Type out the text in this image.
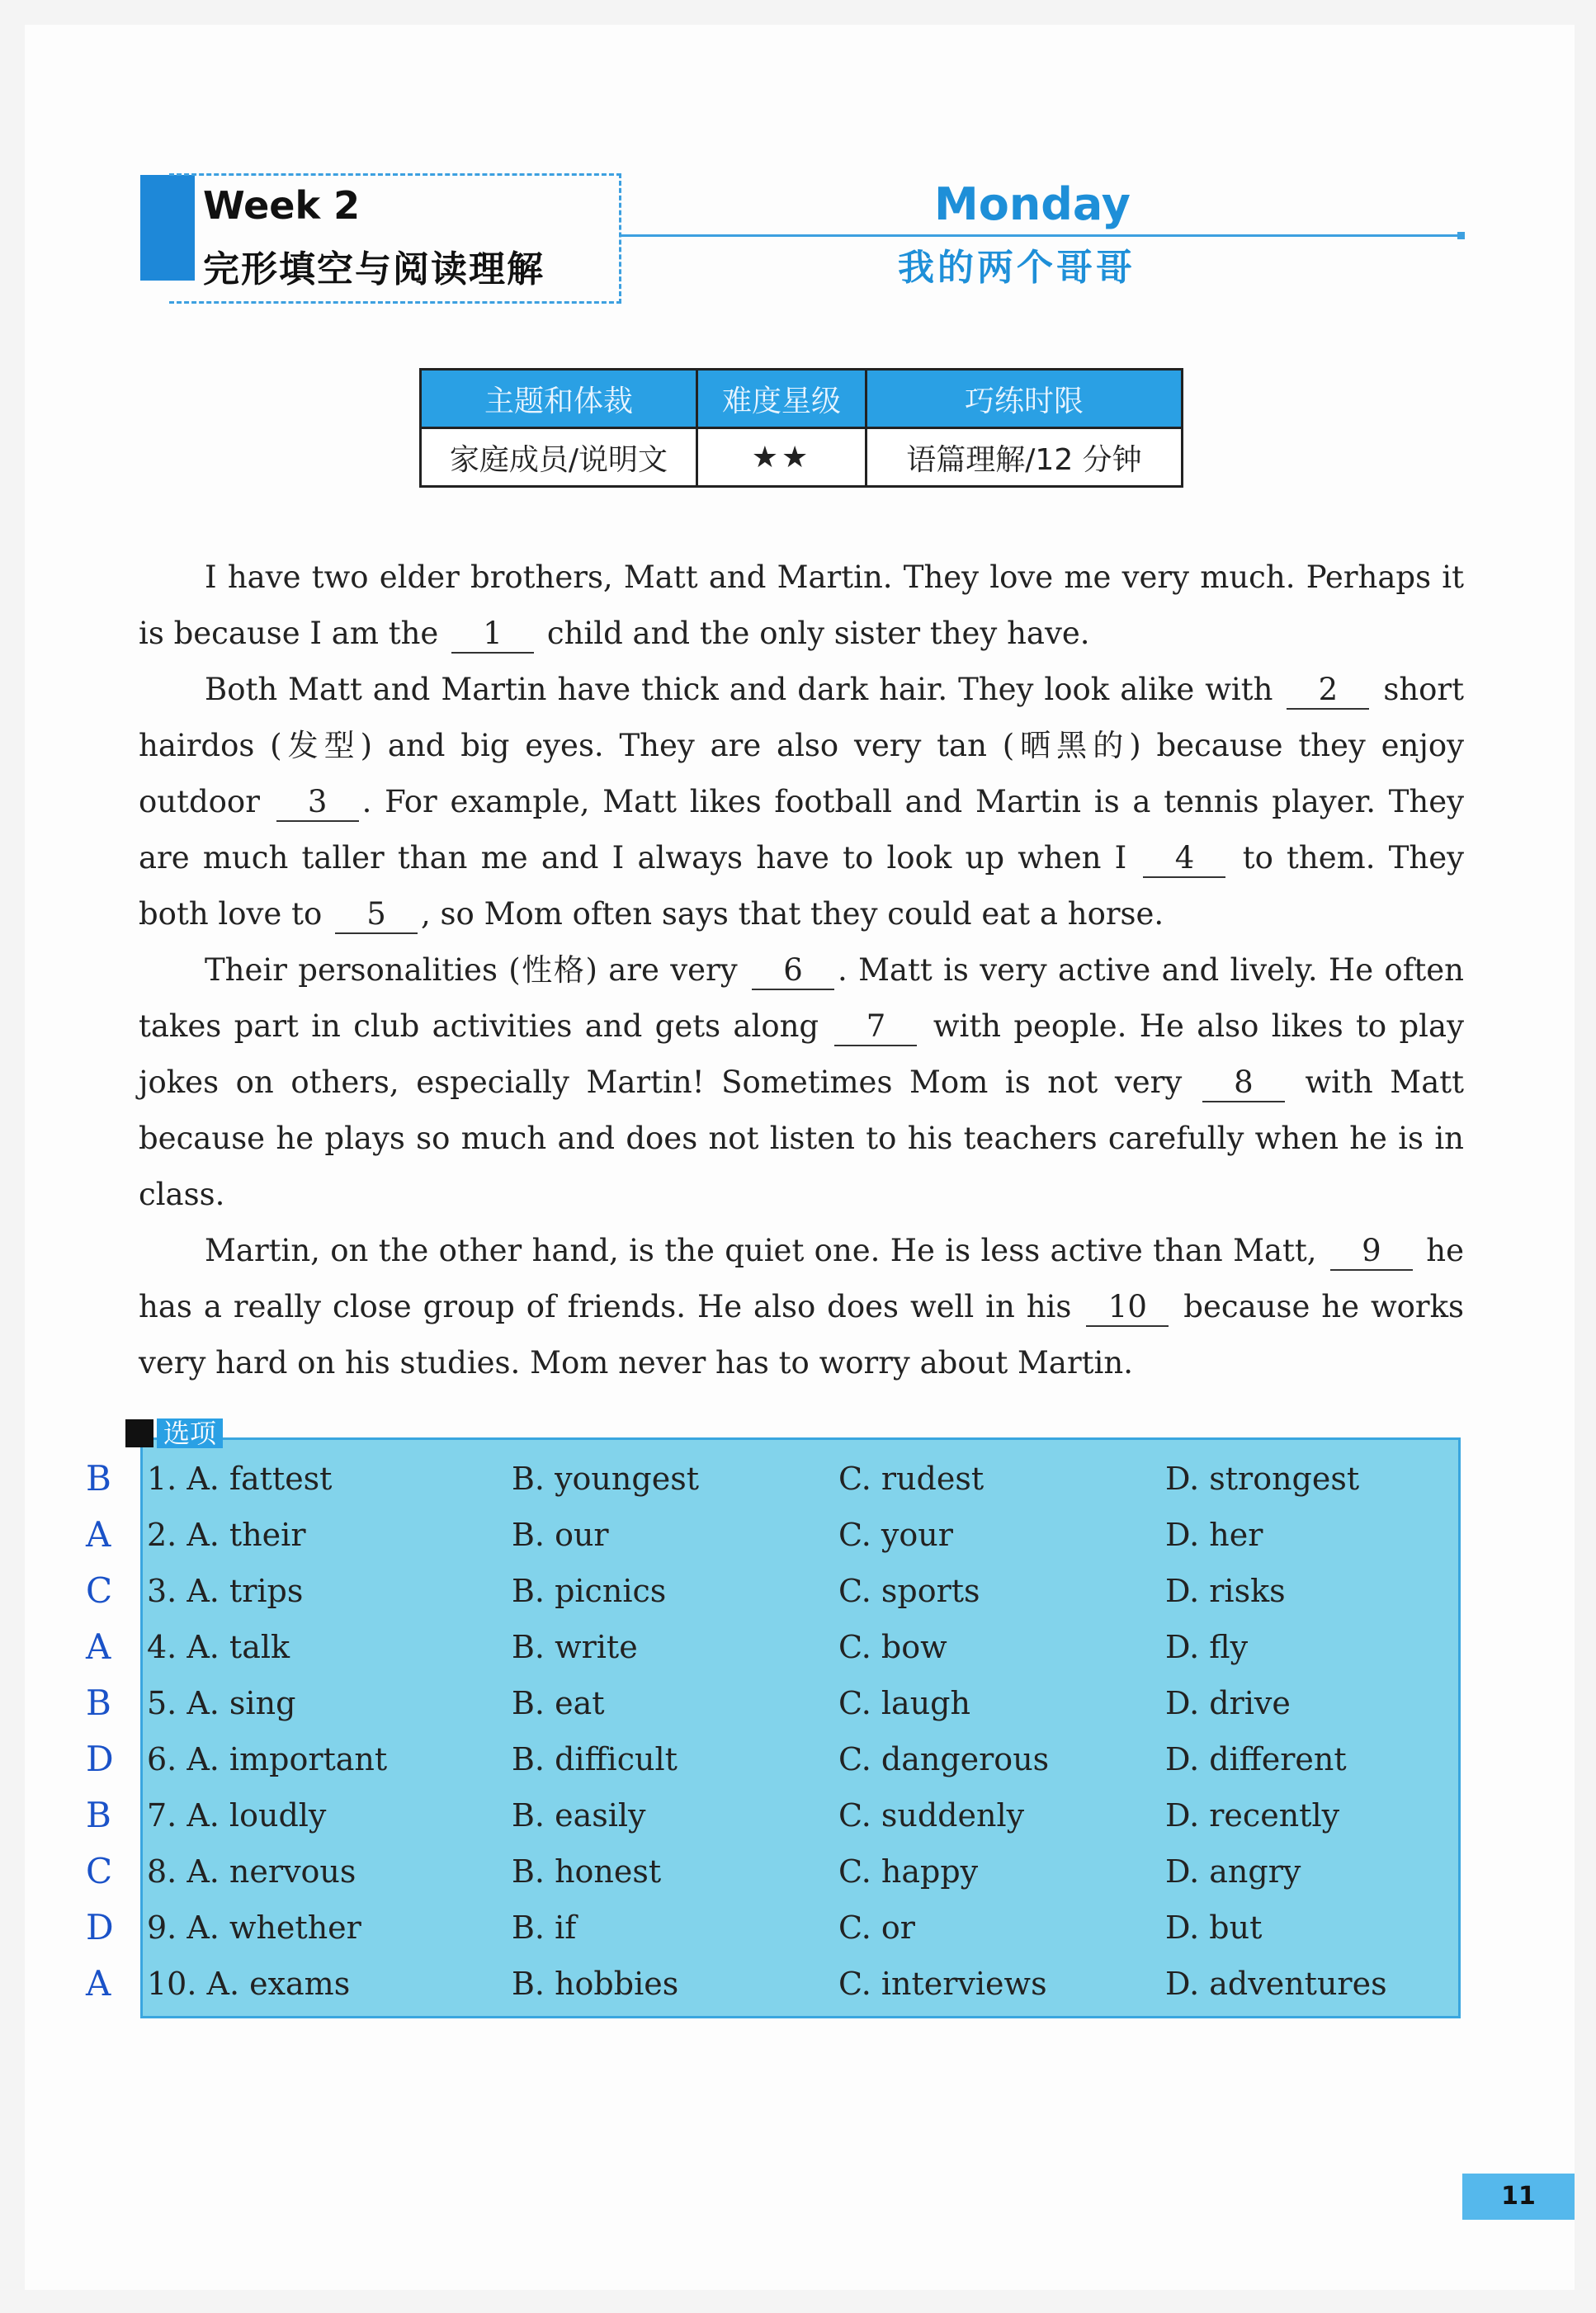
Week 2
完形填空与阅读理解
Monday
我的两个哥哥
主题和体裁	难度星级	巧练时限
家庭成员/说明文	★★	语篇理解/12 分钟

I have two elder brothers, Matt and Martin. They love me very much. Perhaps it is because I am the 1 child and the only sister they have.

Both Matt and Martin have thick and dark hair. They look alike with 2 short hairdos (发型) and big eyes. They are also very tan (晒黑的) because they enjoy outdoor 3 . For example, Matt likes football and Martin is a tennis player. They are much taller than me and I always have to look up when I 4 to them. They both love to 5 , so Mom often says that they could eat a horse.

Their personalities (性格) are very 6 . Matt is very active and lively. He often takes part in club activities and gets along 7 with people. He also likes to play jokes on others, especially Martin! Sometimes Mom is not very 8 with Matt because he plays so much and does not listen to his teachers carefully when he is in class.

Martin, on the other hand, is the quiet one. He is less active than Matt, 9 he has a really close group of friends. He also does well in his 10 because he works very hard on his studies. Mom never has to worry about Martin.

选项
B 1. A. fattest	B. youngest	C. rudest	D. strongest
A 2. A. their	B. our	C. your	D. her
C 3. A. trips	B. picnics	C. sports	D. risks
A 4. A. talk	B. write	C. bow	D. fly
B 5. A. sing	B. eat	C. laugh	D. drive
D 6. A. important	B. difficult	C. dangerous	D. different
B 7. A. loudly	B. easily	C. suddenly	D. recently
C 8. A. nervous	B. honest	C. happy	D. angry
D 9. A. whether	B. if	C. or	D. but
A 10. A. exams	B. hobbies	C. interviews	D. adventures
11
